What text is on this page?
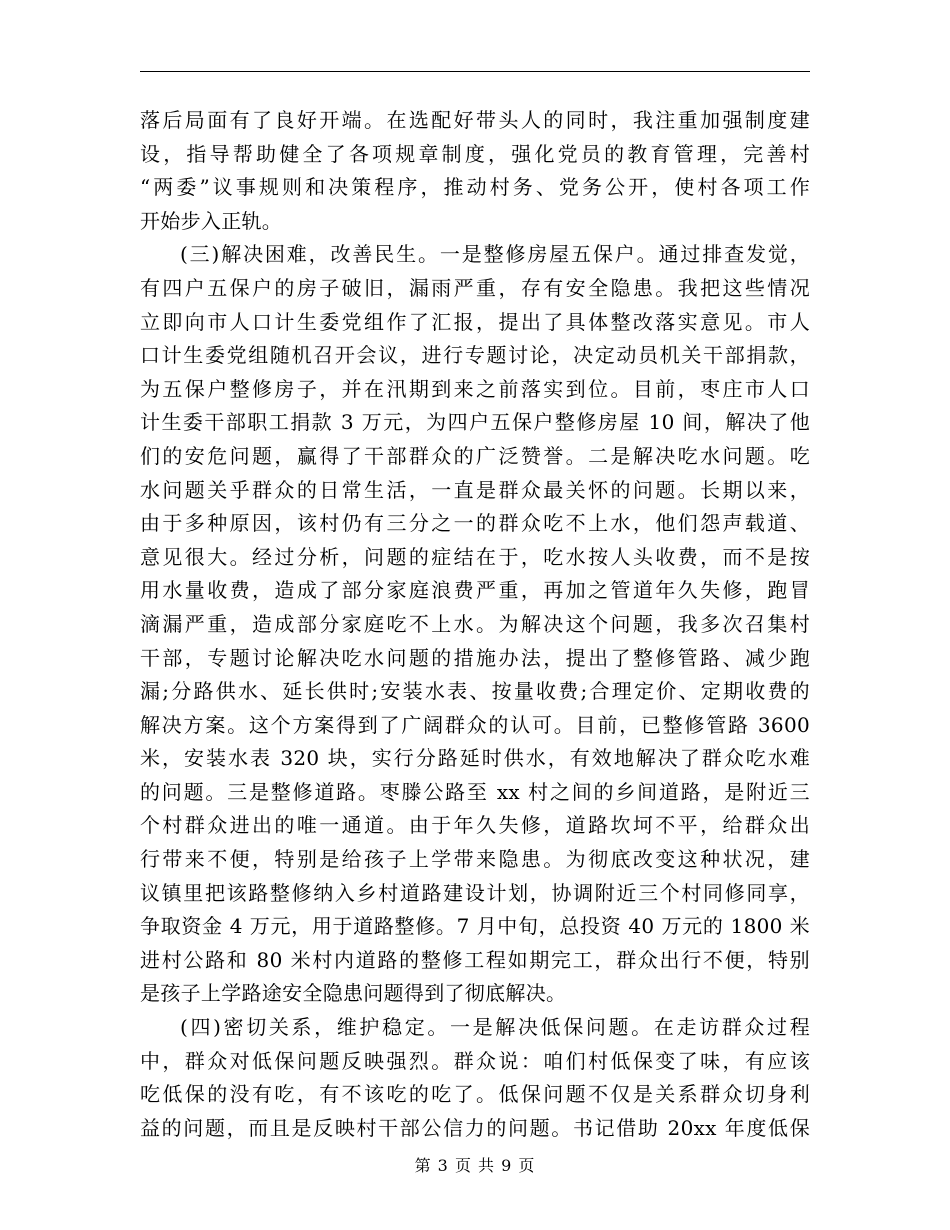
落后局面有了良好开端。在选配好带头人的同时，我注重加强制度建
设，指导帮助健全了各项规章制度，强化党员的教育管理，完善村
“两委”议事规则和决策程序，推动村务、党务公开，使村各项工作
开始步入正轨。
(三)解决困难，改善民生。一是整修房屋五保户。通过排查发觉，
有四户五保户的房子破旧，漏雨严重，存有安全隐患。我把这些情况
立即向市人口计生委党组作了汇报，提出了具体整改落实意见。市人
口计生委党组随机召开会议，进行专题讨论，决定动员机关干部捐款，
为五保户整修房子，并在汛期到来之前落实到位。目前，枣庄市人口
计生委干部职工捐款 3 万元，为四户五保户整修房屋 10 间，解决了他
们的安危问题，赢得了干部群众的广泛赞誉。二是解决吃水问题。吃
水问题关乎群众的日常生活，一直是群众最关怀的问题。长期以来，
由于多种原因，该村仍有三分之一的群众吃不上水，他们怨声载道、
意见很大。经过分析，问题的症结在于，吃水按人头收费，而不是按
用水量收费，造成了部分家庭浪费严重，再加之管道年久失修，跑冒
滴漏严重，造成部分家庭吃不上水。为解决这个问题，我多次召集村
干部，专题讨论解决吃水问题的措施办法，提出了整修管路、减少跑
漏;分路供水、延长供时;安装水表、按量收费;合理定价、定期收费的
解决方案。这个方案得到了广阔群众的认可。目前，已整修管路 3600
米，安装水表 320 块，实行分路延时供水，有效地解决了群众吃水难
的问题。三是整修道路。枣滕公路至 xx 村之间的乡间道路，是附近三
个村群众进出的唯一通道。由于年久失修，道路坎坷不平，给群众出
行带来不便，特别是给孩子上学带来隐患。为彻底改变这种状况，建
议镇里把该路整修纳入乡村道路建设计划，协调附近三个村同修同享，
争取资金 4 万元，用于道路整修。7 月中旬，总投资 40 万元的 1800 米
进村公路和 80 米村内道路的整修工程如期完工，群众出行不便，特别
是孩子上学路途安全隐患问题得到了彻底解决。
(四)密切关系，维护稳定。一是解决低保问题。在走访群众过程
中，群众对低保问题反映强烈。群众说：咱们村低保变了味，有应该
吃低保的没有吃，有不该吃的吃了。低保问题不仅是关系群众切身利
益的问题，而且是反映村干部公信力的问题。书记借助 20xx 年度低保
第 3 页 共 9 页
